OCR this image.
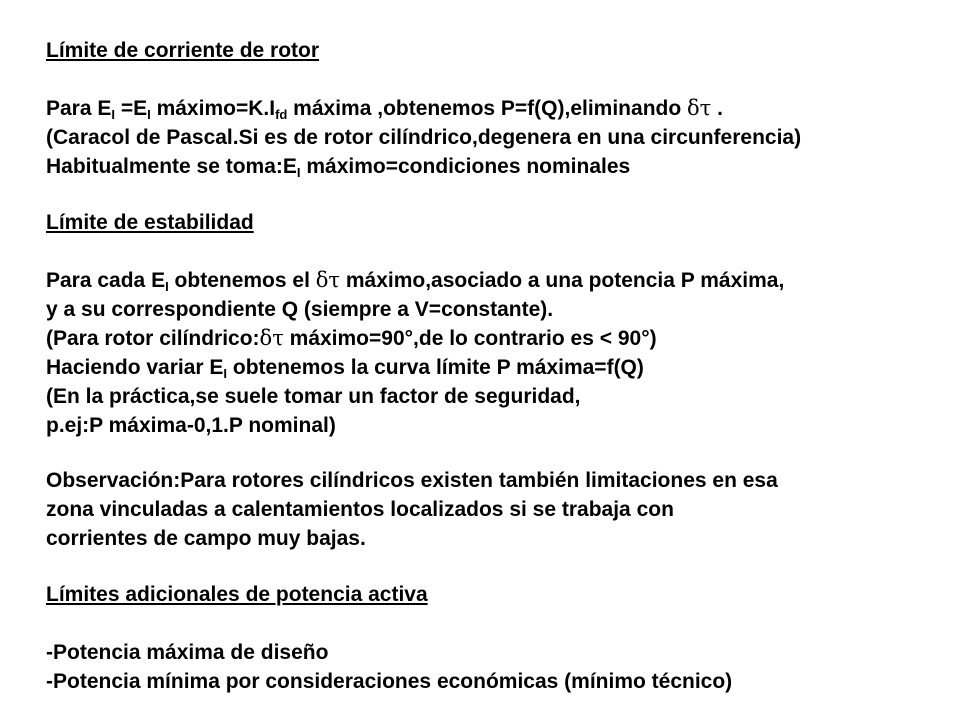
Límite de corriente de rotor
Para $E_I =E_I$ $máximo=K.I_{fd}$ máxima ,obtenemos P=f(Q),eliminando δτ .
(Caracol de Pascal.Si es de rotor cilíndrico,degenera en una circunferencia)
Habitualmente se $toma:E_I$ máximo=condiciones nominales
Límite de estabilidad
Para cada $E_I$ obtenemos el δτ máximo,asociado a una potencia P máxima,
y a su correspondiente Q (siempre a V=constante).
(Para rotor cilíndrico:δτ máximo=90°,de lo contrario es < 90°)
Haciendo variar $E_I$ obtenemos la curva límite P máxima=f(Q)
(En la práctica,se suele tomar un factor de seguridad,
p.ej:P máxima-0,1.P nominal)
Observación:Para rotores cilíndricos existen también limitaciones en esa
zona vinculadas a calentamientos localizados si se trabaja con
corrientes de campo muy bajas.
Límites adicionales de potencia activa
-Potencia máxima de diseño
-Potencia mínima por consideraciones económicas (mínimo técnico)
